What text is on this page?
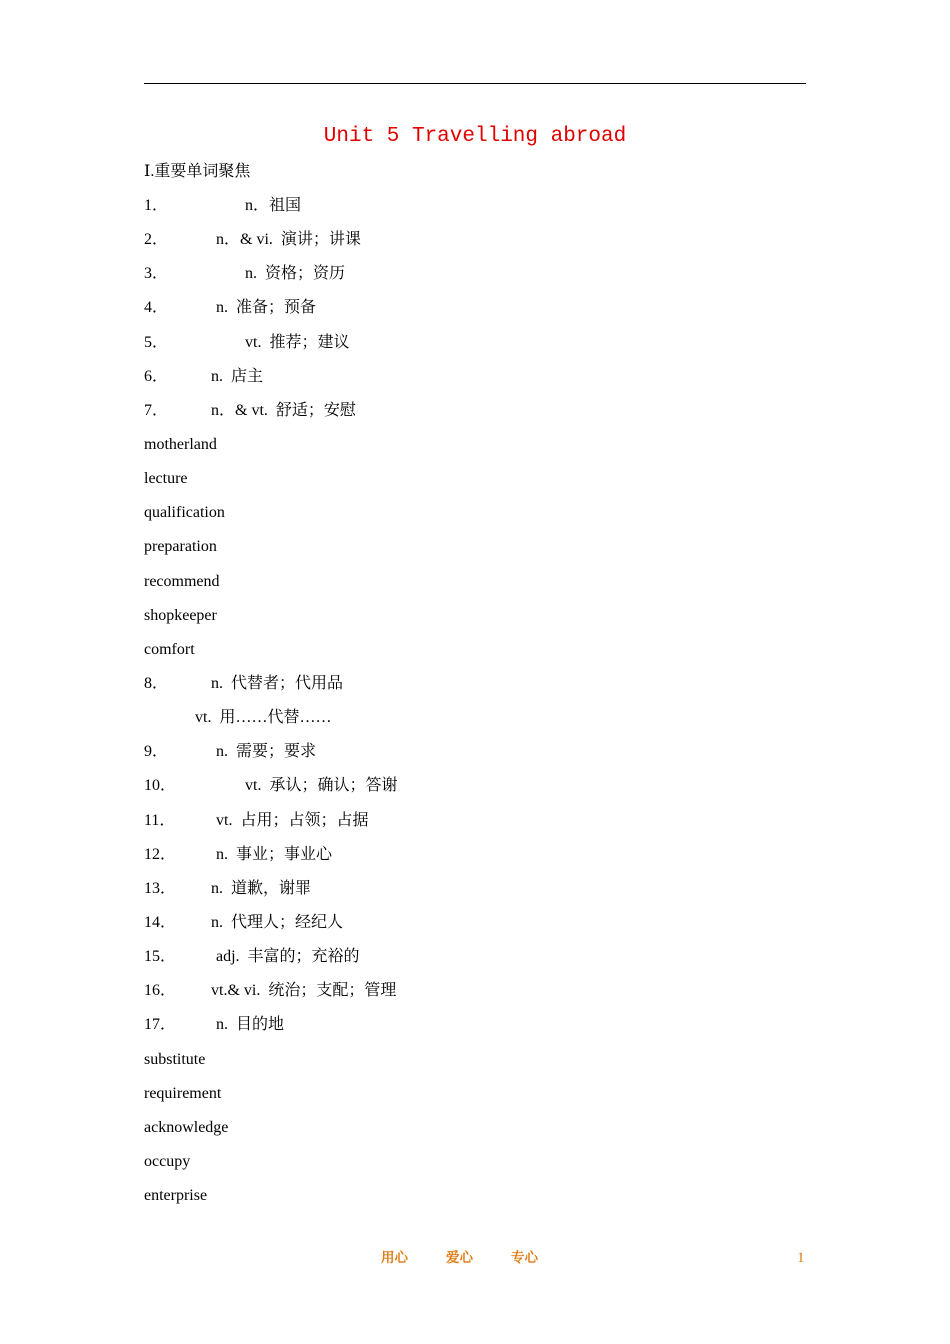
Unit 5 Travelling abroad
Ⅰ.重要单词聚焦
1．	n．祖国
2．	n．& vi.  演讲；讲课
3．	n.  资格；资历
4．	n.  准备；预备
5．	vt.  推荐；建议
6．	n.  店主
7．	n．& vt.  舒适；安慰
motherland
lecture
qualification
preparation
recommend
shopkeeper
comfort
8．	n.  代替者；代用品
vt.  用……代替……
9．	n.  需要；要求
10．	vt.  承认；确认；答谢
11．	vt.  占用；占领；占据
12． n.  事业；事业心
13． n.  道歉，谢罪
14． n.  代理人；经纪人
15． adj.  丰富的；充裕的
16． vt.& vi.  统治；支配；管理
17． n.  目的地
substitute
requirement
acknowledge
occupy
enterprise
用心	爱心	专心	1
